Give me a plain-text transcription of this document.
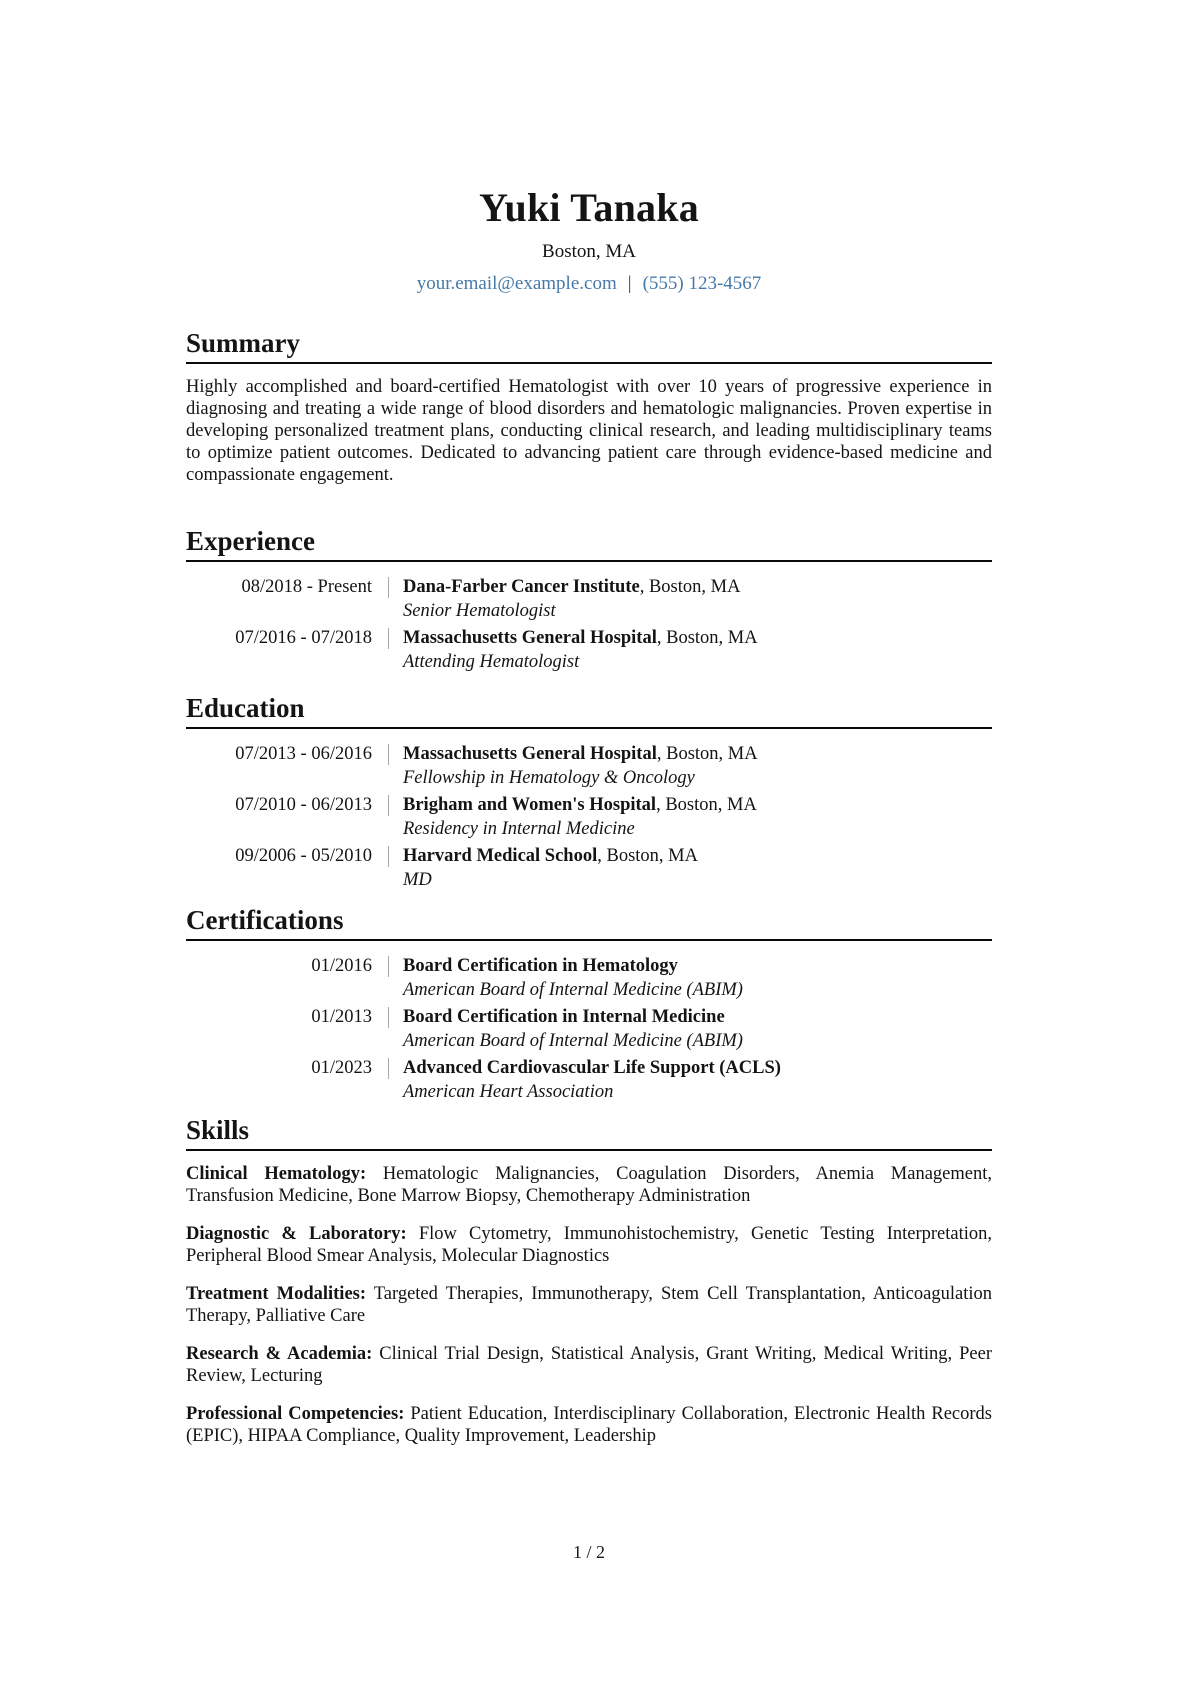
Yuki Tanaka
Boston, MA
your.email@example.com | (555) 123-4567
Summary

Highly accomplished and board-certified Hematologist with over 10 years of progressive experience in diagnosing and treating a wide range of blood disorders and hematologic malignancies. Proven expertise in developing personalized treatment plans, conducting clinical research, and leading multidisciplinary teams to optimize patient outcomes. Dedicated to advancing patient care through evidence-based medicine and compassionate engagement.

Experience
08/2018 - Present Dana-Farber Cancer Institute, Boston, MA
Senior Hematologist
07/2016 - 07/2018 Massachusetts General Hospital, Boston, MA
Attending Hematologist
Education
07/2013 - 06/2016 Massachusetts General Hospital, Boston, MA
Fellowship in Hematology & Oncology
07/2010 - 06/2013 Brigham and Women's Hospital, Boston, MA
Residency in Internal Medicine
09/2006 - 05/2010 Harvard Medical School, Boston, MA
MD
Certifications
01/2016 Board Certification in Hematology
American Board of Internal Medicine (ABIM)
01/2013 Board Certification in Internal Medicine
American Board of Internal Medicine (ABIM)
01/2023 Advanced Cardiovascular Life Support (ACLS)
American Heart Association
Skills

Clinical Hematology: Hematologic Malignancies, Coagulation Disorders, Anemia Management, Transfusion Medicine, Bone Marrow Biopsy, Chemotherapy Administration

Diagnostic & Laboratory: Flow Cytometry, Immunohistochemistry, Genetic Testing Interpretation, Peripheral Blood Smear Analysis, Molecular Diagnostics

Treatment Modalities: Targeted Therapies, Immunotherapy, Stem Cell Transplantation, Anticoagulation Therapy, Palliative Care

Research & Academia: Clinical Trial Design, Statistical Analysis, Grant Writing, Medical Writing, Peer Review, Lecturing

Professional Competencies: Patient Education, Interdisciplinary Collaboration, Electronic Health Records (EPIC), HIPAA Compliance, Quality Improvement, Leadership

1 / 2
